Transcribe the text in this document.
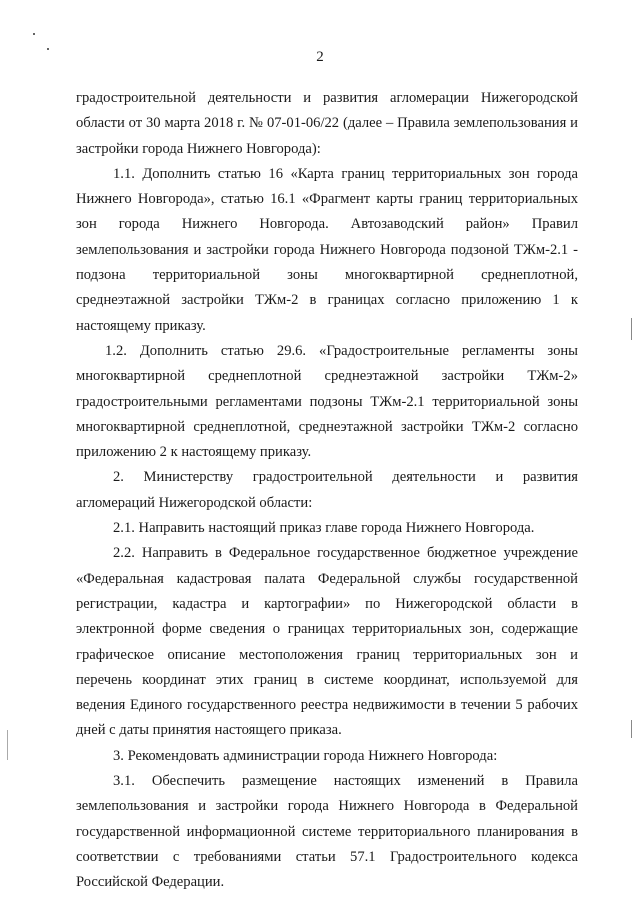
2

градостроительной деятельности и развития агломерации Нижегородской области от 30 марта 2018 г. № 07-01-06/22 (далее – Правила землепользования и застройки города Нижнего Новгорода):

1.1. Дополнить статью 16 «Карта границ территориальных зон города Нижнего Новгорода», статью 16.1 «Фрагмент карты границ территориальных зон города Нижнего Новгорода. Автозаводский район» Правил землепользования и застройки города Нижнего Новгорода подзоной ТЖм-2.1 - подзона территориальной зоны многоквартирной среднеплотной, среднеэтажной застройки ТЖм-2 в границах согласно приложению 1 к настоящему приказу.

1.2. Дополнить статью 29.6. «Градостроительные регламенты зоны многоквартирной среднеплотной среднеэтажной застройки ТЖм-2» градостроительными регламентами подзоны ТЖм-2.1 территориальной зоны многоквартирной среднеплотной, среднеэтажной застройки ТЖм-2 согласно приложению 2 к настоящему приказу.

2. Министерству градостроительной деятельности и развития агломераций Нижегородской области:

2.1. Направить настоящий приказ главе города Нижнего Новгорода.

2.2. Направить в Федеральное государственное бюджетное учреждение «Федеральная кадастровая палата Федеральной службы государственной регистрации, кадастра и картографии» по Нижегородской области в электронной форме сведения о границах территориальных зон, содержащие графическое описание местоположения границ территориальных зон и перечень координат этих границ в системе координат, используемой для ведения Единого государственного реестра недвижимости в течении 5 рабочих дней с даты принятия настоящего приказа.

3. Рекомендовать администрации города Нижнего Новгорода:

3.1. Обеспечить размещение настоящих изменений в Правила землепользования и застройки города Нижнего Новгорода в Федеральной государственной информационной системе территориального планирования в соответствии с требованиями статьи 57.1 Градостроительного кодекса Российской Федерации.
